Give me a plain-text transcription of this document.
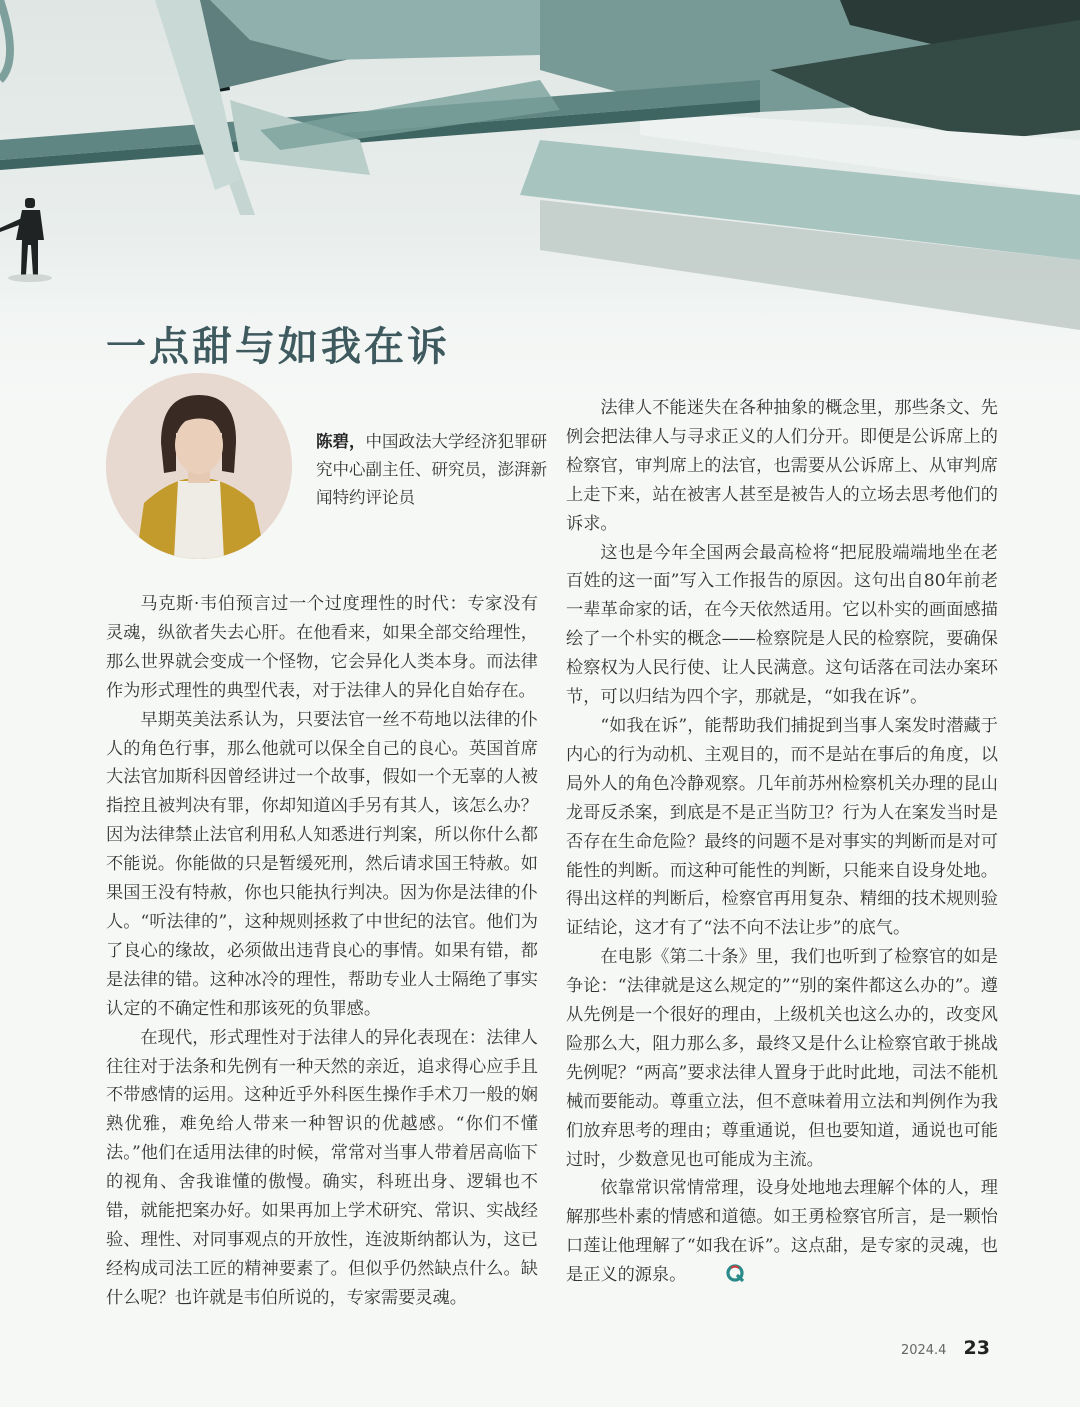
一点甜与如我在诉
陈碧，中国政法大学经济犯罪研究中心副主任、研究员，澎湃新闻特约评论员

马克斯·韦伯预言过一个过度理性的时代：专家没有灵魂，纵欲者失去心肝。在他看来，如果全部交给理性，那么世界就会变成一个怪物，它会异化人类本身。而法律作为形式理性的典型代表，对于法律人的异化自始存在。

早期英美法系认为，只要法官一丝不苟地以法律的仆人的角色行事，那么他就可以保全自己的良心。英国首席大法官加斯科因曾经讲过一个故事，假如一个无辜的人被指控且被判决有罪，你却知道凶手另有其人，该怎么办？因为法律禁止法官利用私人知悉进行判案，所以你什么都不能说。你能做的只是暂缓死刑，然后请求国王特赦。如果国王没有特赦，你也只能执行判决。因为你是法律的仆人。“听法律的”，这种规则拯救了中世纪的法官。他们为了良心的缘故，必须做出违背良心的事情。如果有错，都是法律的错。这种冰冷的理性，帮助专业人士隔绝了事实认定的不确定性和那该死的负罪感。

在现代，形式理性对于法律人的异化表现在：法律人往往对于法条和先例有一种天然的亲近，追求得心应手且不带感情的运用。这种近乎外科医生操作手术刀一般的娴熟优雅，难免给人带来一种智识的优越感。“你们不懂法。”他们在适用法律的时候，常常对当事人带着居高临下的视角、舍我谁懂的傲慢。确实，科班出身、逻辑也不错，就能把案办好。如果再加上学术研究、常识、实战经验、理性、对同事观点的开放性，连波斯纳都认为，这已经构成司法工匠的精神要素了。但似乎仍然缺点什么。缺什么呢？也许就是韦伯所说的，专家需要灵魂。

法律人不能迷失在各种抽象的概念里，那些条文、先例会把法律人与寻求正义的人们分开。即便是公诉席上的检察官，审判席上的法官，也需要从公诉席上、从审判席上走下来，站在被害人甚至是被告人的立场去思考他们的诉求。

这也是今年全国两会最高检将“把屁股端端地坐在老百姓的这一面”写入工作报告的原因。这句出自80年前老一辈革命家的话，在今天依然适用。它以朴实的画面感描绘了一个朴实的概念——检察院是人民的检察院，要确保检察权为人民行使、让人民满意。这句话落在司法办案环节，可以归结为四个字，那就是，“如我在诉”。

“如我在诉”，能帮助我们捕捉到当事人案发时潜藏于内心的行为动机、主观目的，而不是站在事后的角度，以局外人的角色冷静观察。几年前苏州检察机关办理的昆山龙哥反杀案，到底是不是正当防卫？行为人在案发当时是否存在生命危险？最终的问题不是对事实的判断而是对可能性的判断。而这种可能性的判断，只能来自设身处地。得出这样的判断后，检察官再用复杂、精细的技术规则验证结论，这才有了“法不向不法让步”的底气。

在电影《第二十条》里，我们也听到了检察官的如是争论：“法律就是这么规定的”“别的案件都这么办的”。遵从先例是一个很好的理由，上级机关也这么办的，改变风险那么大，阻力那么多，最终又是什么让检察官敢于挑战先例呢？“两高”要求法律人置身于此时此地，司法不能机械而要能动。尊重立法，但不意味着用立法和判例作为我们放弃思考的理由；尊重通说，但也要知道，通说也可能过时，少数意见也可能成为主流。

依靠常识常情常理，设身处地地去理解个体的人，理解那些朴素的情感和道德。如王勇检察官所言，是一颗怡口莲让他理解了“如我在诉”。这点甜，是专家的灵魂，也是正义的源泉。

2024.4 23
